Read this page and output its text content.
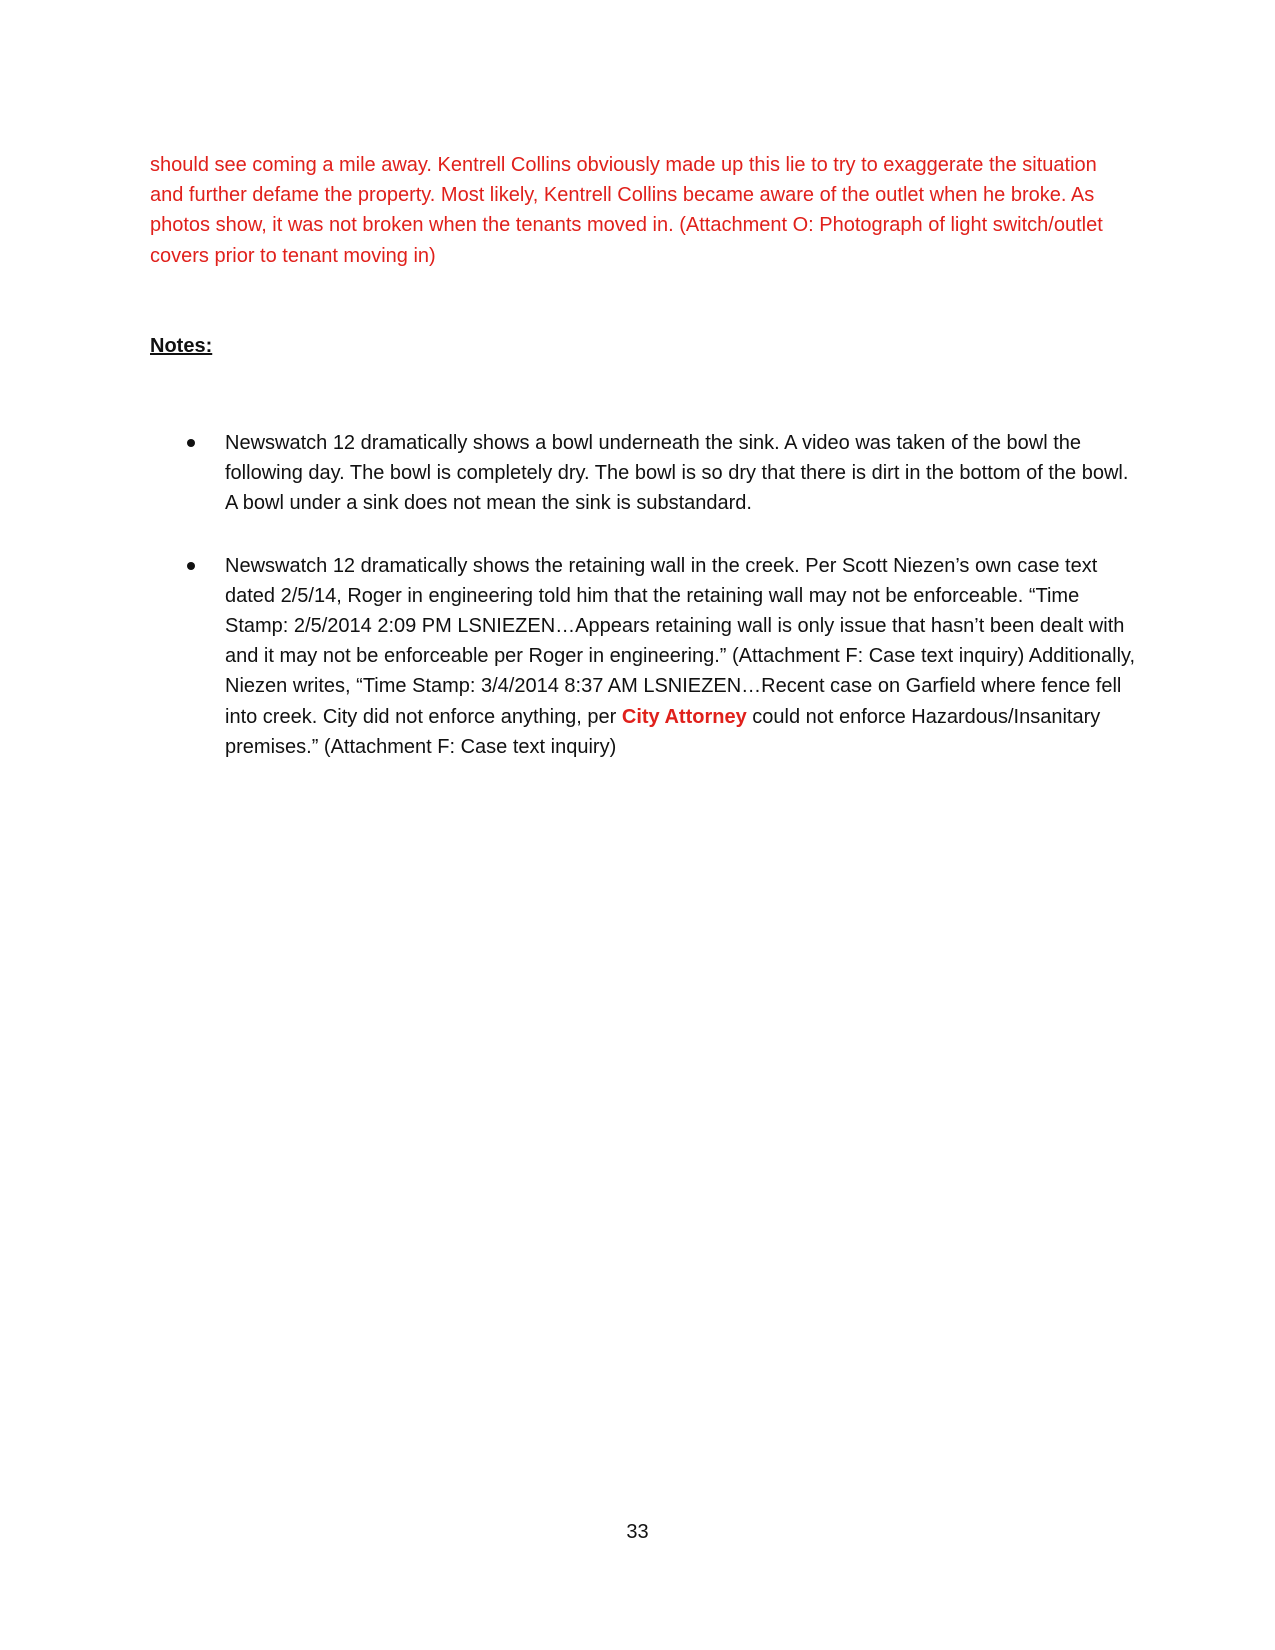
should see coming a mile away. Kentrell Collins obviously made up this lie to try to exaggerate the situation and further defame the property. Most likely, Kentrell Collins became aware of the outlet when he broke. As photos show, it was not broken when the tenants moved in. (Attachment O: Photograph of light switch/outlet covers prior to tenant moving in)

Notes:

Newswatch 12 dramatically shows a bowl underneath the sink. A video was taken of the bowl the following day. The bowl is completely dry. The bowl is so dry that there is dirt in the bottom of the bowl. A bowl under a sink does not mean the sink is substandard.
Newswatch 12 dramatically shows the retaining wall in the creek. Per Scott Niezen’s own case text dated 2/5/14, Roger in engineering told him that the retaining wall may not be enforceable. “Time Stamp: 2/5/2014 2:09 PM LSNIEZEN…Appears retaining wall is only issue that hasn’t been dealt with and it may not be enforceable per Roger in engineering.” (Attachment F: Case text inquiry) Additionally, Niezen writes, “Time Stamp: 3/4/2014 8:37 AM LSNIEZEN…Recent case on Garfield where fence fell into creek. City did not enforce anything, per City Attorney could not enforce Hazardous/Insanitary premises.” (Attachment F: Case text inquiry)
33
